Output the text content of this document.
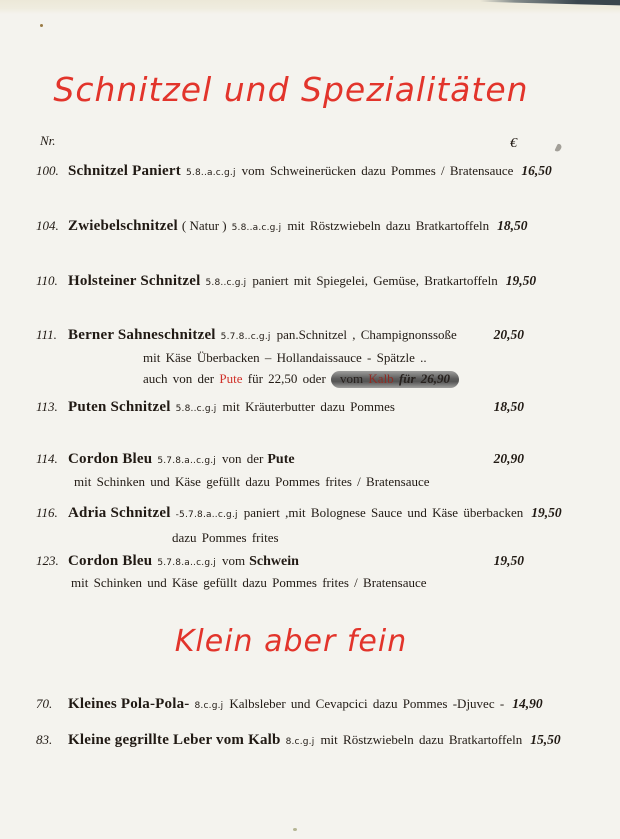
Schnitzel und Spezialitäten
Nr.	€
100. Schnitzel Paniert 5.8..a.c.g.j vom Schweinerücken dazu Pommes / Bratensauce 16,50
104. Zwiebelschnitzel ( Natur ) 5.8..a.c.g.j mit Röstzwiebeln dazu Bratkartoffeln 18,50
110. Holsteiner Schnitzel 5.8..c.g.j paniert mit Spiegelei, Gemüse, Bratkartoffeln 19,50
111. Berner Sahneschnitzel 5.7.8..c.g.j pan.Schnitzel , Champignonssoße	20,50
mit Käse Überbacken – Hollandaissauce - Spätzle ..
auch von der Pute für 22,50 oder vom Kalb für 26,90
113. Puten Schnitzel 5.8..c.g.j mit Kräuterbutter dazu Pommes	18,50
114. Cordon Bleu 5.7.8.a..c.g.j von der Pute	20,90
mit Schinken und Käse gefüllt dazu Pommes frites / Bratensauce
116. Adria Schnitzel -5.7.8.a..c.g.j paniert ,mit Bolognese Sauce und Käse überbacken 19,50
dazu Pommes frites
123. Cordon Bleu 5.7.8.a..c.g.j vom Schwein	19,50
mit Schinken und Käse gefüllt dazu Pommes frites / Bratensauce
Klein aber fein
70.	Kleines Pola-Pola- 8.c.g.j Kalbsleber und Cevapcici dazu Pommes -Djuvec - 14,90
83.	Kleine gegrillte Leber vom Kalb 8.c.g.j mit Röstzwiebeln dazu Bratkartoffeln 15,50
